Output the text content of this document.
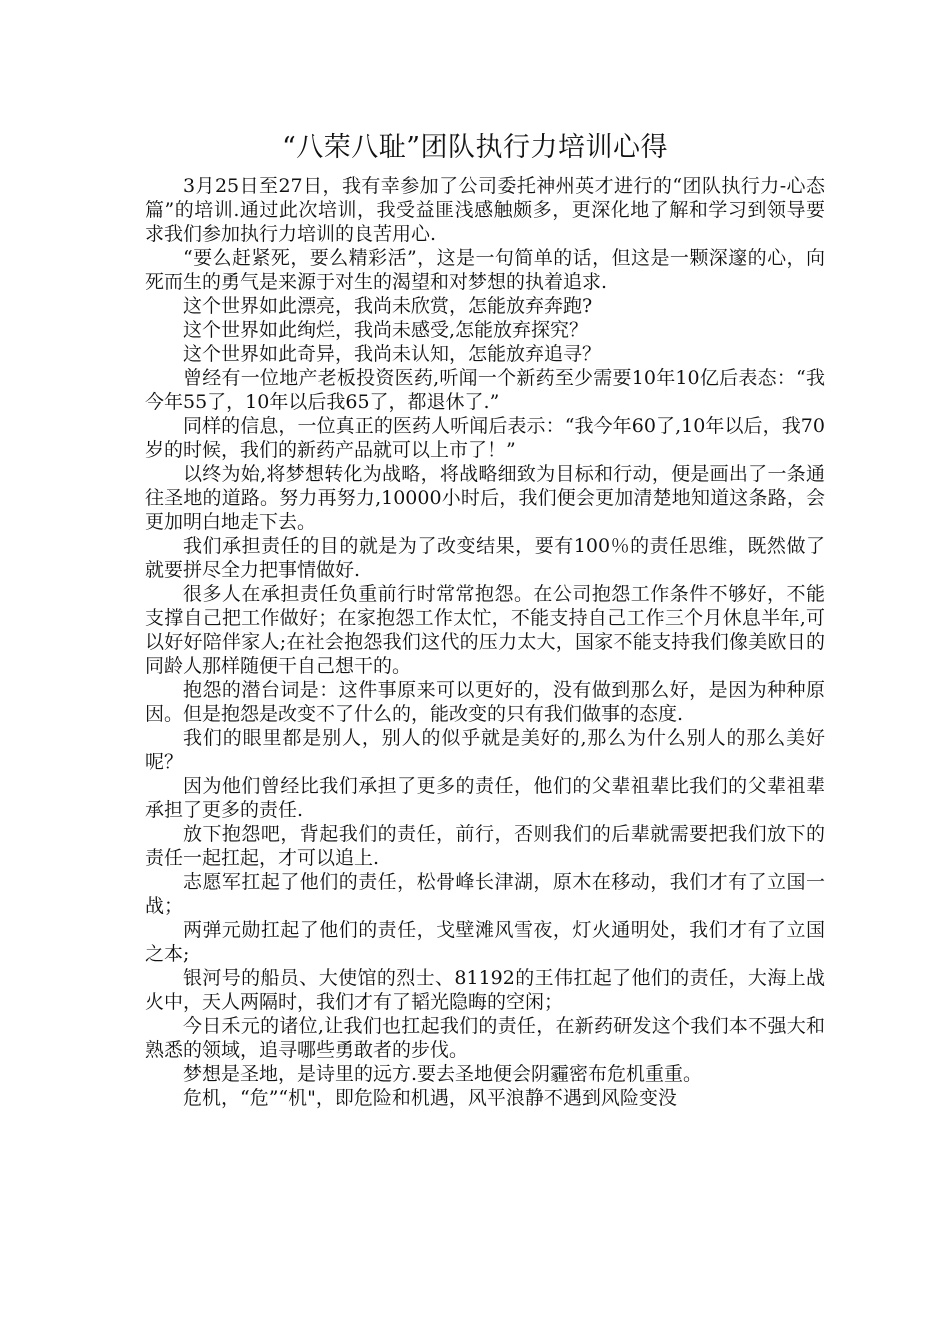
“八荣八耻”团队执行力培训心得

3月25日至27日，我有幸参加了公司委托神州英才进行的“团队执行力-心态篇”的培训.通过此次培训，我受益匪浅感触颇多，更深化地了解和学习到领导要求我们参加执行力培训的良苦用心.

“要么赶紧死，要么精彩活”，这是一句简单的话，但这是一颗深邃的心，向死而生的勇气是来源于对生的渴望和对梦想的执着追求.

这个世界如此漂亮，我尚未欣赏，怎能放弃奔跑?

这个世界如此绚烂，我尚未感受,怎能放弃探究？

这个世界如此奇异，我尚未认知，怎能放弃追寻？

曾经有一位地产老板投资医药,听闻一个新药至少需要10年10亿后表态：“我今年55了，10年以后我65了，都退休了.”

同样的信息，一位真正的医药人听闻后表示：“我今年60了,10年以后，我70岁的时候，我们的新药产品就可以上市了！”

以终为始,将梦想转化为战略，将战略细致为目标和行动，便是画出了一条通往圣地的道路。努力再努力,10000小时后，我们便会更加清楚地知道这条路，会更加明白地走下去。

我们承担责任的目的就是为了改变结果，要有100％的责任思维，既然做了就要拼尽全力把事情做好.

很多人在承担责任负重前行时常常抱怨。在公司抱怨工作条件不够好，不能支撑自己把工作做好；在家抱怨工作太忙，不能支持自己工作三个月休息半年,可以好好陪伴家人;在社会抱怨我们这代的压力太大，国家不能支持我们像美欧日的同龄人那样随便干自己想干的。

抱怨的潜台词是：这件事原来可以更好的，没有做到那么好，是因为种种原因。但是抱怨是改变不了什么的，能改变的只有我们做事的态度.

我们的眼里都是别人，别人的似乎就是美好的,那么为什么别人的那么美好呢？

因为他们曾经比我们承担了更多的责任，他们的父辈祖辈比我们的父辈祖辈承担了更多的责任.

放下抱怨吧，背起我们的责任，前行，否则我们的后辈就需要把我们放下的责任一起扛起，才可以追上.

志愿军扛起了他们的责任，松骨峰长津湖，原木在移动，我们才有了立国一战；

两弹元勋扛起了他们的责任，戈壁滩风雪夜，灯火通明处，我们才有了立国之本;

银河号的船员、大使馆的烈士、81192的王伟扛起了他们的责任，大海上战火中，天人两隔时，我们才有了韬光隐晦的空闲；

今日禾元的诸位,让我们也扛起我们的责任，在新药研发这个我们本不强大和熟悉的领域，追寻哪些勇敢者的步伐。

梦想是圣地，是诗里的远方.要去圣地便会阴霾密布危机重重。

危机，“危”“机"，即危险和机遇，风平浪静不遇到风险变没
